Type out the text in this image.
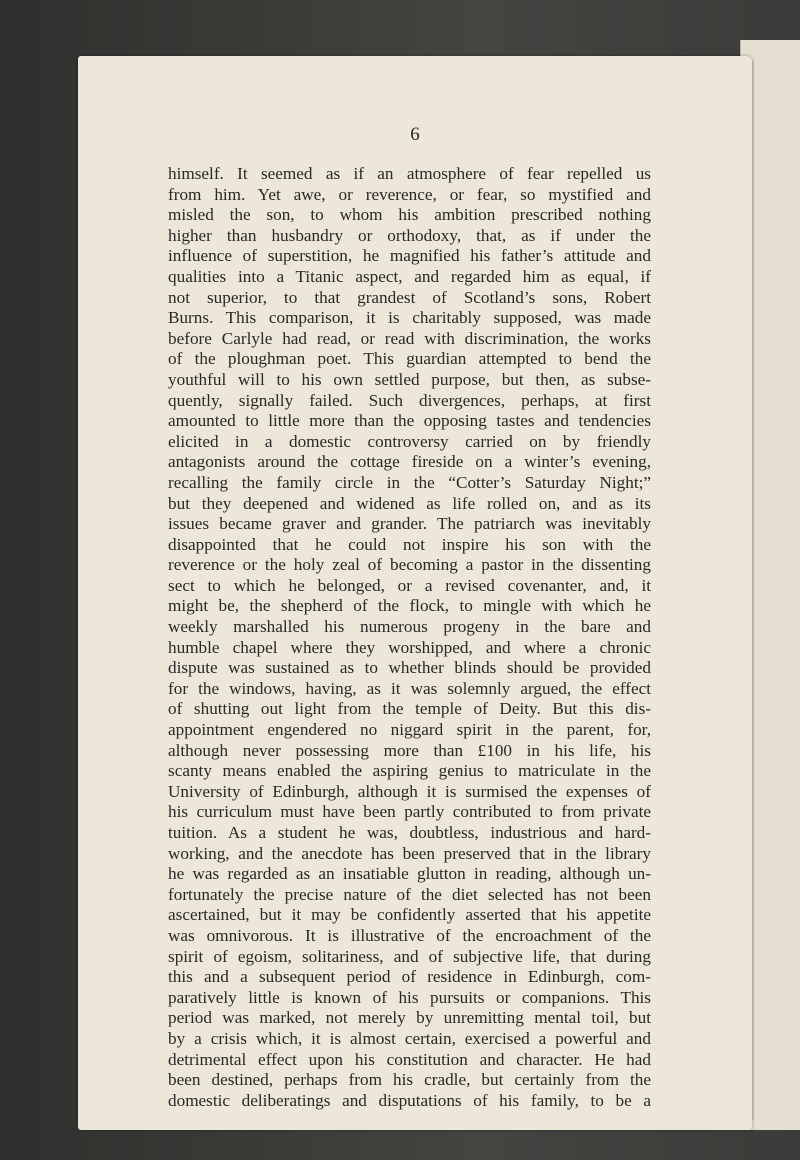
6
himself. It seemed as if an atmosphere of fear repelled us
from him. Yet awe, or reverence, or fear, so mystified and
misled the son, to whom his ambition prescribed nothing
higher than husbandry or orthodoxy, that, as if under the
influence of superstition, he magnified his father’s attitude and
qualities into a Titanic aspect, and regarded him as equal, if
not superior, to that grandest of Scotland’s sons, Robert
Burns. This comparison, it is charitably supposed, was made
before Carlyle had read, or read with discrimination, the works
of the ploughman poet. This guardian attempted to bend the
youthful will to his own settled purpose, but then, as subse-
quently, signally failed. Such divergences, perhaps, at first
amounted to little more than the opposing tastes and tendencies
elicited in a domestic controversy carried on by friendly
antagonists around the cottage fireside on a winter’s evening,
recalling the family circle in the “Cotter’s Saturday Night;”
but they deepened and widened as life rolled on, and as its
issues became graver and grander. The patriarch was inevitably
disappointed that he could not inspire his son with the
reverence or the holy zeal of becoming a pastor in the dissenting
sect to which he belonged, or a revised covenanter, and, it
might be, the shepherd of the flock, to mingle with which he
weekly marshalled his numerous progeny in the bare and
humble chapel where they worshipped, and where a chronic
dispute was sustained as to whether blinds should be provided
for the windows, having, as it was solemnly argued, the effect
of shutting out light from the temple of Deity. But this dis-
appointment engendered no niggard spirit in the parent, for,
although never possessing more than £100 in his life, his
scanty means enabled the aspiring genius to matriculate in the
University of Edinburgh, although it is surmised the expenses of
his curriculum must have been partly contributed to from private
tuition. As a student he was, doubtless, industrious and hard-
working, and the anecdote has been preserved that in the library
he was regarded as an insatiable glutton in reading, although un-
fortunately the precise nature of the diet selected has not been
ascertained, but it may be confidently asserted that his appetite
was omnivorous. It is illustrative of the encroachment of the
spirit of egoism, solitariness, and of subjective life, that during
this and a subsequent period of residence in Edinburgh, com-
paratively little is known of his pursuits or companions. This
period was marked, not merely by unremitting mental toil, but
by a crisis which, it is almost certain, exercised a powerful and
detrimental effect upon his constitution and character. He had
been destined, perhaps from his cradle, but certainly from the
domestic deliberatings and disputations of his family, to be a
